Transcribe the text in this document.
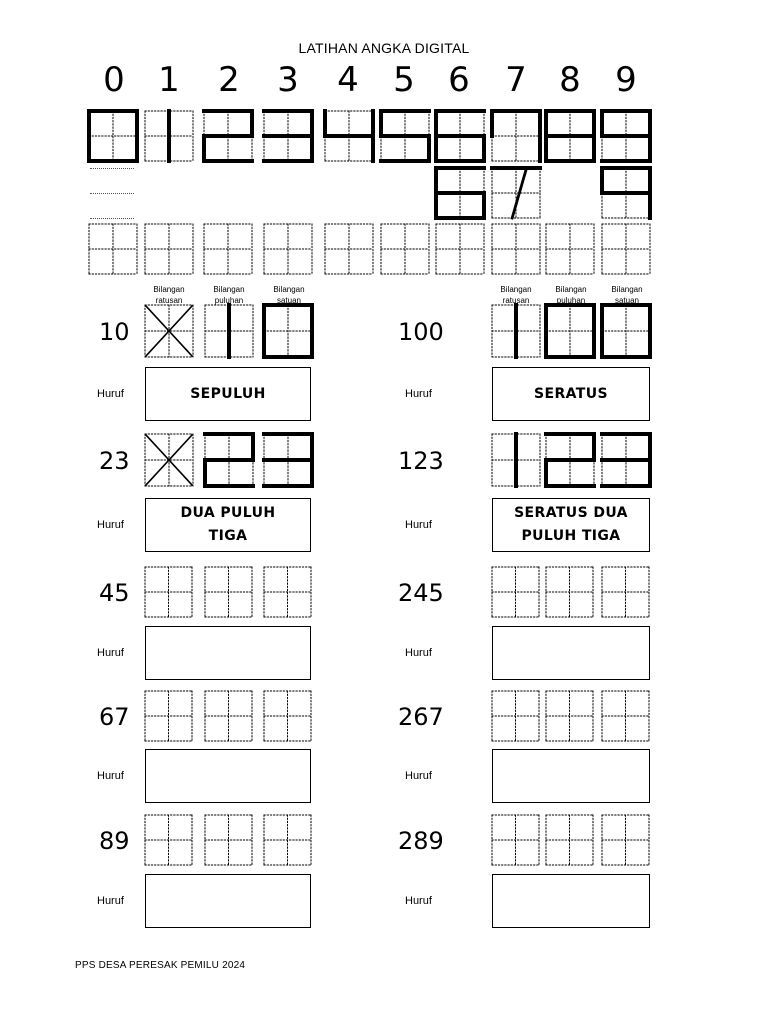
LATIHAN ANGKA DIGITAL
0 1	2	3	4	5 6	7 8	9
Bilangan
ratusan
Bilangan
puluhan
Bilangan
satuan
Bilangan
ratusan
Bilangan
puluhan
Bilangan
satuan
10
Huruf	SEPULUH
23
Huruf
DUA PULUH TIGA
45
Huruf
67
Huruf
89
Huruf
100
Huruf	SERATUS
123
Huruf
SERATUS DUA PULUH TIGA
245
Huruf
267
Huruf
289
Huruf
PPS DESA PERESAK PEMILU 2024
